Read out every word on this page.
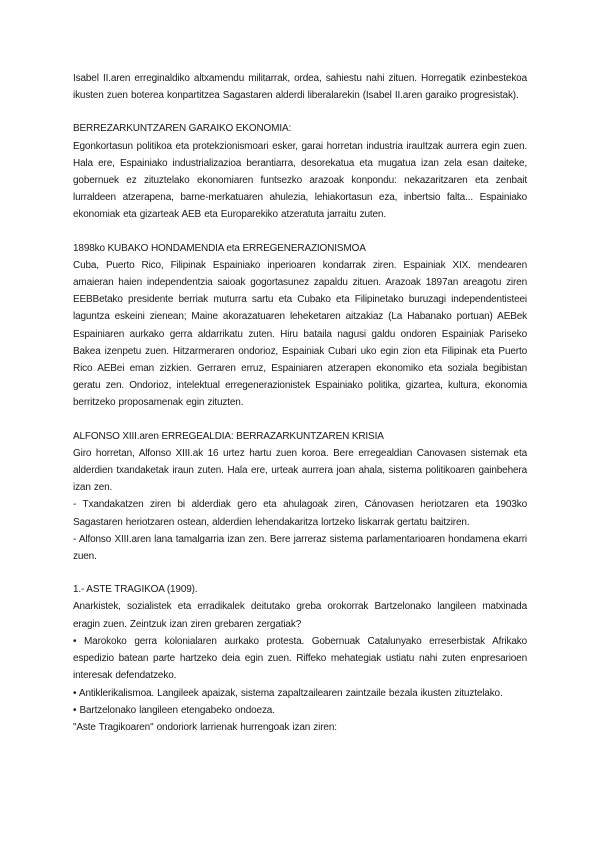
Isabel II.aren erreginaldiko altxamendu militarrak, ordea, sahiestu nahi zituen. Horregatik ezinbestekoa ikusten zuen boterea konpartitzea Sagastaren alderdi liberalarekin (Isabel II.aren garaiko progresistak).

BERREZARKUNTZAREN GARAIKO EKONOMIA:

Egonkortasun politikoa eta protekzionismoari esker, garai horretan industria irauItzak aurrera egin zuen. Hala ere, Espainiako industrializazioa berantiarra, desorekatua eta mugatua izan zela esan daiteke, gobernuek ez zituztelako ekonomiaren funtsezko arazoak konpondu: nekazaritzaren eta zenbait lurraldeen atzerapena, barne-merkatuaren ahulezia, lehiakortasun eza, inbertsio falta... Espainiako ekonomiak eta gizarteak AEB eta Europarekiko atzeratuta jarraitu zuten.

1898ko KUBAKO HONDAMENDIA eta ERREGENERAZIONISMOA

Cuba, Puerto Rico, Filipinak Espainiako inperioaren kondarrak ziren. Espainiak XIX. mendearen amaieran haien independentzia saioak gogortasunez zapaldu zituen. Arazoak 1897an areagotu ziren EEBBetako presidente berriak muturra sartu eta Cubako eta Filipinetako buruzagi independentisteei laguntza eskeini zienean; Maine akorazatuaren leheketaren aitzakiaz (La Habanako portuan) AEBek Espainiaren aurkako gerra aldarrikatu zuten. Hiru bataila nagusi galdu ondoren Espainiak Pariseko Bakea izenpetu zuen. Hitzarmeraren ondorioz, Espainiak Cubari uko egin zion eta Filipinak eta Puerto Rico AEBei eman zizkien. Gerraren erruz, Espainiaren atzerapen ekonomiko eta soziala begibistan geratu zen. Ondorioz, intelektual erregenerazionistek Espainiako politika, gizartea, kultura, ekonomia berritzeko proposamenak egin zituzten.

ALFONSO XIII.aren ERREGEALDIA: BERRAZARKUNTZAREN KRISIA

Giro horretan, Alfonso XIII.ak 16 urtez hartu zuen koroa. Bere erregealdian Canovasen sistemak eta alderdien txandaketak iraun zuten. Hala ere, urteak aurrera joan ahala, sistema politikoaren gainbehera izan zen.

- Txandakatzen ziren bi alderdiak gero eta ahulagoak ziren, Cánovasen heriotzaren eta 1903ko Sagastaren heriotzaren ostean, alderdien lehendakaritza lortzeko liskarrak gertatu baitziren.

- Alfonso XIII.aren lana tamalgarria izan zen. Bere jarreraz sistema parlamentarioaren hondamena ekarri zuen.

1.- ASTE TRAGIKOA (1909).

Anarkistek, sozialistek eta erradikalek deitutako greba orokorrak Bartzelonako langileen matxinada eragin zuen. Zeintzuk izan ziren grebaren zergatiak?

• Marokoko gerra kolonialaren aurkako protesta. Gobernuak Catalunyako erreserbistak Afrikako espedizio batean parte hartzeko deia egin zuen. Riffeko mehategiak ustiatu nahi zuten enpresarioen interesak defendatzeko.

• Antiklerikalismoa. Langileek apaizak, sistema zapaltzailearen zaintzaile bezala ikusten zituztelako.

• Bartzelonako langileen etengabeko ondoeza.

"Aste Tragikoaren" ondoriork larrienak hurrengoak izan ziren:
